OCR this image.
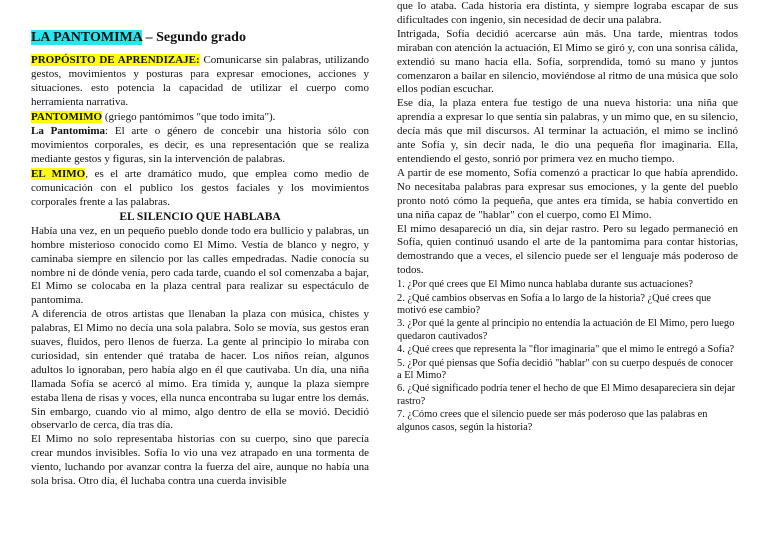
LA PANTOMIMA – Segundo grado

PROPÓSITO DE APRENDIZAJE: Comunicarse sin palabras, utilizando gestos, movimientos y posturas para expresar emociones, acciones y situaciones. esto potencia la capacidad de utilizar el cuerpo como herramienta narrativa.

PANTOMIMO (griego pantómimos "que todo imita").

La Pantomima: El arte o género de concebir una historia sólo con movimientos corporales, es decir, es una representación que se realiza mediante gestos y figuras, sin la intervención de palabras.

EL MIMO, es el arte dramático mudo, que emplea como medio de comunicación con el publico los gestos faciales y los movimientos corporales frente a las palabras.

EL SILENCIO QUE HABLABA

Había una vez, en un pequeño pueblo donde todo era bullicio y palabras, un hombre misterioso conocido como El Mimo. Vestía de blanco y negro, y caminaba siempre en silencio por las calles empedradas. Nadie conocía su nombre ni de dónde venía, pero cada tarde, cuando el sol comenzaba a bajar, El Mimo se colocaba en la plaza central para realizar su espectáculo de pantomima.

A diferencia de otros artistas que llenaban la plaza con música, chistes y palabras, El Mimo no decía una sola palabra. Solo se movía, sus gestos eran suaves, fluidos, pero llenos de fuerza. La gente al principio lo miraba con curiosidad, sin entender qué trataba de hacer. Los niños reían, algunos adultos lo ignoraban, pero había algo en él que cautivaba. Un día, una niña llamada Sofía se acercó al mimo. Era tímida y, aunque la plaza siempre estaba llena de risas y voces, ella nunca encontraba su lugar entre los demás. Sin embargo, cuando vio al mimo, algo dentro de ella se movió. Decidió observarlo de cerca, día tras día.

El Mimo no solo representaba historias con su cuerpo, sino que parecía crear mundos invisibles. Sofía lo vio una vez atrapado en una tormenta de viento, luchando por avanzar contra la fuerza del aire, aunque no había una sola brisa. Otro día, él luchaba contra una cuerda invisible

que lo ataba. Cada historia era distinta, y siempre lograba escapar de sus dificultades con ingenio, sin necesidad de decir una palabra.

Intrigada, Sofía decidió acercarse aún más. Una tarde, mientras todos miraban con atención la actuación, El Mimo se giró y, con una sonrisa cálida, extendió su mano hacia ella. Sofía, sorprendida, tomó su mano y juntos comenzaron a bailar en silencio, moviéndose al ritmo de una música que solo ellos podían escuchar.

Ese día, la plaza entera fue testigo de una nueva historia: una niña que aprendía a expresar lo que sentía sin palabras, y un mimo que, en su silencio, decía más que mil discursos. Al terminar la actuación, el mimo se inclinó ante Sofía y, sin decir nada, le dio una pequeña flor imaginaria. Ella, entendiendo el gesto, sonrió por primera vez en mucho tiempo.

A partir de ese momento, Sofía comenzó a practicar lo que había aprendido. No necesitaba palabras para expresar sus emociones, y la gente del pueblo pronto notó cómo la pequeña, que antes era tímida, se había convertido en una niña capaz de "hablar" con el cuerpo, como El Mimo.

El mimo desapareció un día, sin dejar rastro. Pero su legado permaneció en Sofía, quien continuó usando el arte de la pantomima para contar historias, demostrando que a veces, el silencio puede ser el lenguaje más poderoso de todos.

1. ¿Por qué crees que El Mimo nunca hablaba durante sus actuaciones?

2. ¿Qué cambios observas en Sofía a lo largo de la historia? ¿Qué crees que motivó ese cambio?

3. ¿Por qué la gente al principio no entendía la actuación de El Mimo, pero luego quedaron cautivados?

4. ¿Qué crees que representa la "flor imaginaria" que el mimo le entregó a Sofía?

5. ¿Por qué piensas que Sofía decidió "hablar" con su cuerpo después de conocer a El Mimo?

6. ¿Qué significado podría tener el hecho de que El Mimo desapareciera sin dejar rastro?

7. ¿Cómo crees que el silencio puede ser más poderoso que las palabras en algunos casos, según la historia?
